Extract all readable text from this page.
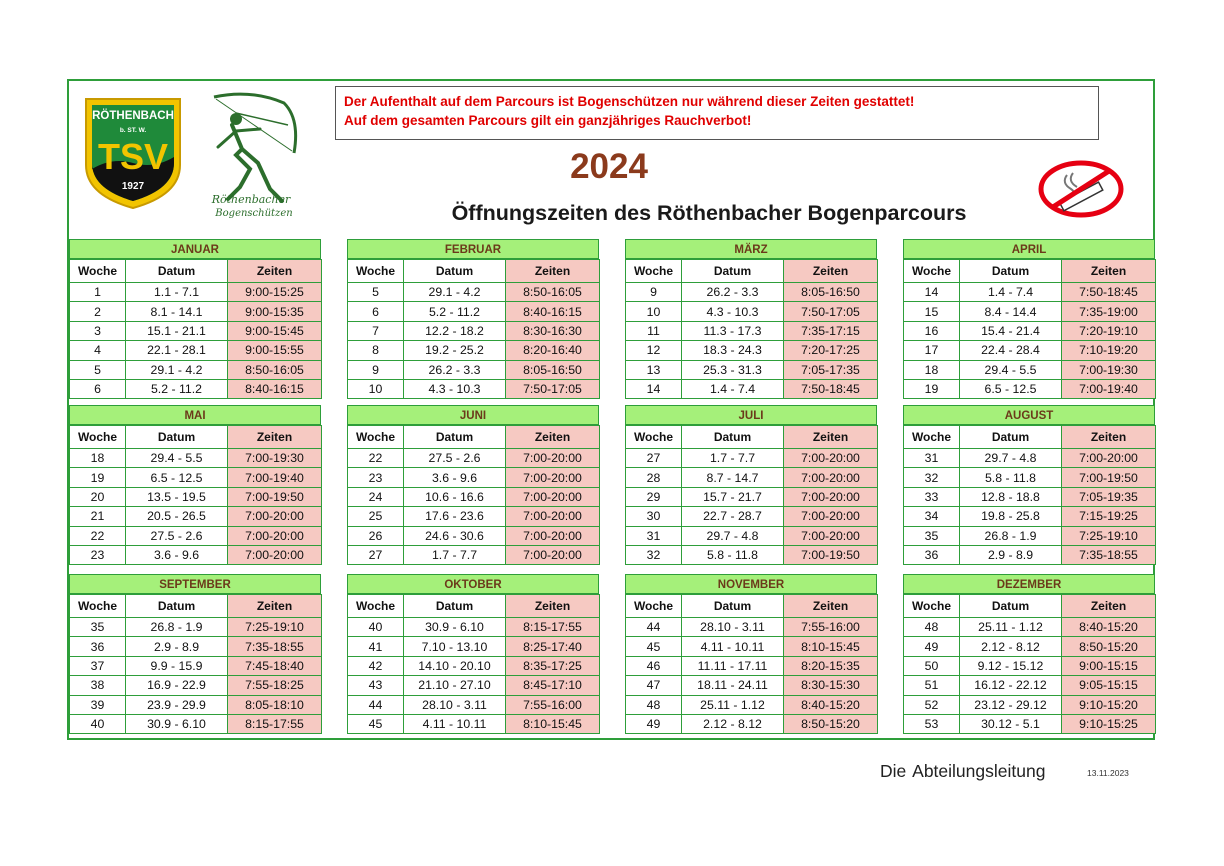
RÖTHENBACH
b. ST. W.
TSV
1927
Röthenbacher
Bogenschützen
Der Aufenthalt auf dem Parcours ist Bogenschützen nur während dieser Zeiten gestattet!
Auf dem gesamten Parcours gilt ein ganzjähriges Rauchverbot!
2024
Öffnungszeiten des Röthenbacher Bogenparcours
JANUAR
Woche	Datum	Zeiten
1	1.1 - 7.1	9:00-15:25
2	8.1 - 14.1	9:00-15:35
3	15.1 - 21.1	9:00-15:45
4	22.1 - 28.1	9:00-15:55
5	29.1 - 4.2	8:50-16:05
6	5.2 - 11.2	8:40-16:15
FEBRUAR
Woche	Datum	Zeiten
5	29.1 - 4.2	8:50-16:05
6	5.2 - 11.2	8:40-16:15
7	12.2 - 18.2	8:30-16:30
8	19.2 - 25.2	8:20-16:40
9	26.2 - 3.3	8:05-16:50
10	4.3 - 10.3	7:50-17:05
MÄRZ
Woche	Datum	Zeiten
9	26.2 - 3.3	8:05-16:50
10	4.3 - 10.3	7:50-17:05
11	11.3 - 17.3	7:35-17:15
12	18.3 - 24.3	7:20-17:25
13	25.3 - 31.3	7:05-17:35
14	1.4 - 7.4	7:50-18:45
APRIL
Woche	Datum	Zeiten
14	1.4 - 7.4	7:50-18:45
15	8.4 - 14.4	7:35-19:00
16	15.4 - 21.4	7:20-19:10
17	22.4 - 28.4	7:10-19:20
18	29.4 - 5.5	7:00-19:30
19	6.5 - 12.5	7:00-19:40
MAI
Woche	Datum	Zeiten
18	29.4 - 5.5	7:00-19:30
19	6.5 - 12.5	7:00-19:40
20	13.5 - 19.5	7:00-19:50
21	20.5 - 26.5	7:00-20:00
22	27.5 - 2.6	7:00-20:00
23	3.6 - 9.6	7:00-20:00
JUNI
Woche	Datum	Zeiten
22	27.5 - 2.6	7:00-20:00
23	3.6 - 9.6	7:00-20:00
24	10.6 - 16.6	7:00-20:00
25	17.6 - 23.6	7:00-20:00
26	24.6 - 30.6	7:00-20:00
27	1.7 - 7.7	7:00-20:00
JULI
Woche	Datum	Zeiten
27	1.7 - 7.7	7:00-20:00
28	8.7 - 14.7	7:00-20:00
29	15.7 - 21.7	7:00-20:00
30	22.7 - 28.7	7:00-20:00
31	29.7 - 4.8	7:00-20:00
32	5.8 - 11.8	7:00-19:50
AUGUST
Woche	Datum	Zeiten
31	29.7 - 4.8	7:00-20:00
32	5.8 - 11.8	7:00-19:50
33	12.8 - 18.8	7:05-19:35
34	19.8 - 25.8	7:15-19:25
35	26.8 - 1.9	7:25-19:10
36	2.9 - 8.9	7:35-18:55
SEPTEMBER
Woche	Datum	Zeiten
35	26.8 - 1.9	7:25-19:10
36	2.9 - 8.9	7:35-18:55
37	9.9 - 15.9	7:45-18:40
38	16.9 - 22.9	7:55-18:25
39	23.9 - 29.9	8:05-18:10
40	30.9 - 6.10	8:15-17:55
OKTOBER
Woche	Datum	Zeiten
40	30.9 - 6.10	8:15-17:55
41	7.10 - 13.10	8:25-17:40
42	14.10 - 20.10	8:35-17:25
43	21.10 - 27.10	8:45-17:10
44	28.10 - 3.11	7:55-16:00
45	4.11 - 10.11	8:10-15:45
NOVEMBER
Woche	Datum	Zeiten
44	28.10 - 3.11	7:55-16:00
45	4.11 - 10.11	8:10-15:45
46	11.11 - 17.11	8:20-15:35
47	18.11 - 24.11	8:30-15:30
48	25.11 - 1.12	8:40-15:20
49	2.12 - 8.12	8:50-15:20
DEZEMBER
Woche	Datum	Zeiten
48	25.11 - 1.12	8:40-15:20
49	2.12 - 8.12	8:50-15:20
50	9.12 - 15.12	9:00-15:15
51	16.12 - 22.12	9:05-15:15
52	23.12 - 29.12	9:10-15:20
53	30.12 - 5.1	9:10-15:25
Die Abteilungsleitung	13.11.2023
